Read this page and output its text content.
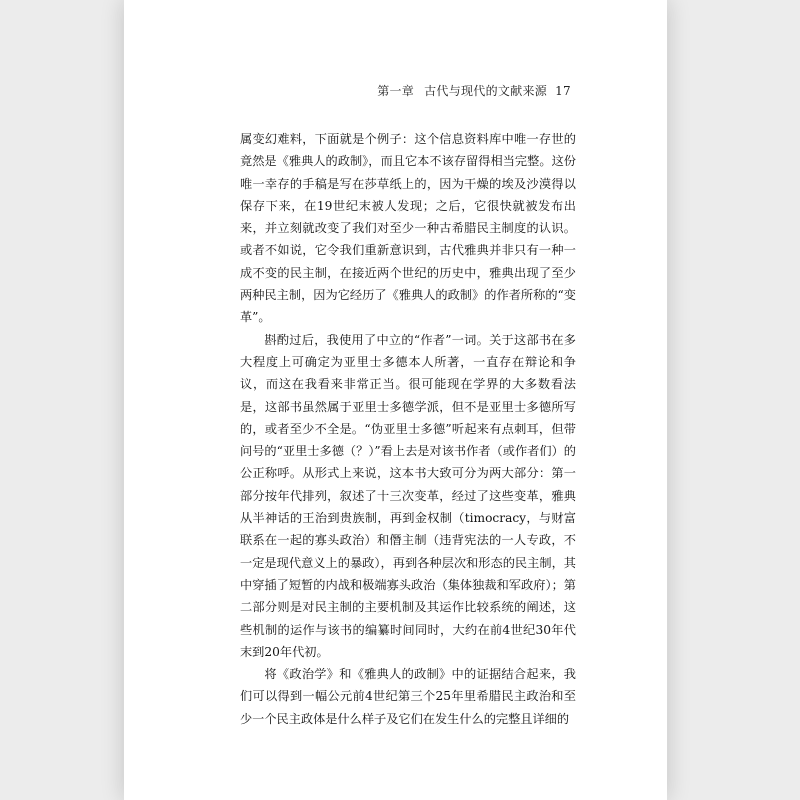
第一章 古代与现代的文献来源 17

属变幻难料，下面就是个例子：这个信息资料库中唯一存世的竟然是《雅典人的政制》，而且它本不该存留得相当完整。这份唯一幸存的手稿是写在莎草纸上的，因为干燥的埃及沙漠得以保存下来，在19世纪末被人发现；之后，它很快就被发布出来，并立刻就改变了我们对至少一种古希腊民主制度的认识。或者不如说，它令我们重新意识到，古代雅典并非只有一种一成不变的民主制，在接近两个世纪的历史中，雅典出现了至少两种民主制，因为它经历了《雅典人的政制》的作者所称的“变革”。

斟酌过后，我使用了中立的“作者”一词。关于这部书在多大程度上可确定为亚里士多德本人所著，一直存在辩论和争议，而这在我看来非常正当。很可能现在学界的大多数看法是，这部书虽然属于亚里士多德学派，但不是亚里士多德所写的，或者至少不全是。“伪亚里士多德”听起来有点刺耳，但带问号的“亚里士多德（？）”看上去是对该书作者（或作者们）的公正称呼。从形式上来说，这本书大致可分为两大部分：第一部分按年代排列，叙述了十三次变革，经过了这些变革，雅典从半神话的王治到贵族制，再到金权制（timocracy，与财富联系在一起的寡头政治）和僭主制（违背宪法的一人专政，不一定是现代意义上的暴政），再到各种层次和形态的民主制，其中穿插了短暂的内战和极端寡头政治（集体独裁和军政府）；第二部分则是对民主制的主要机制及其运作比较系统的阐述，这些机制的运作与该书的编纂时间同时，大约在前4世纪30年代末到20年代初。

将《政治学》和《雅典人的政制》中的证据结合起来，我们可以得到一幅公元前4世纪第三个25年里希腊民主政治和至少一个民主政体是什么样子及它们在发生什么的完整且详细的
